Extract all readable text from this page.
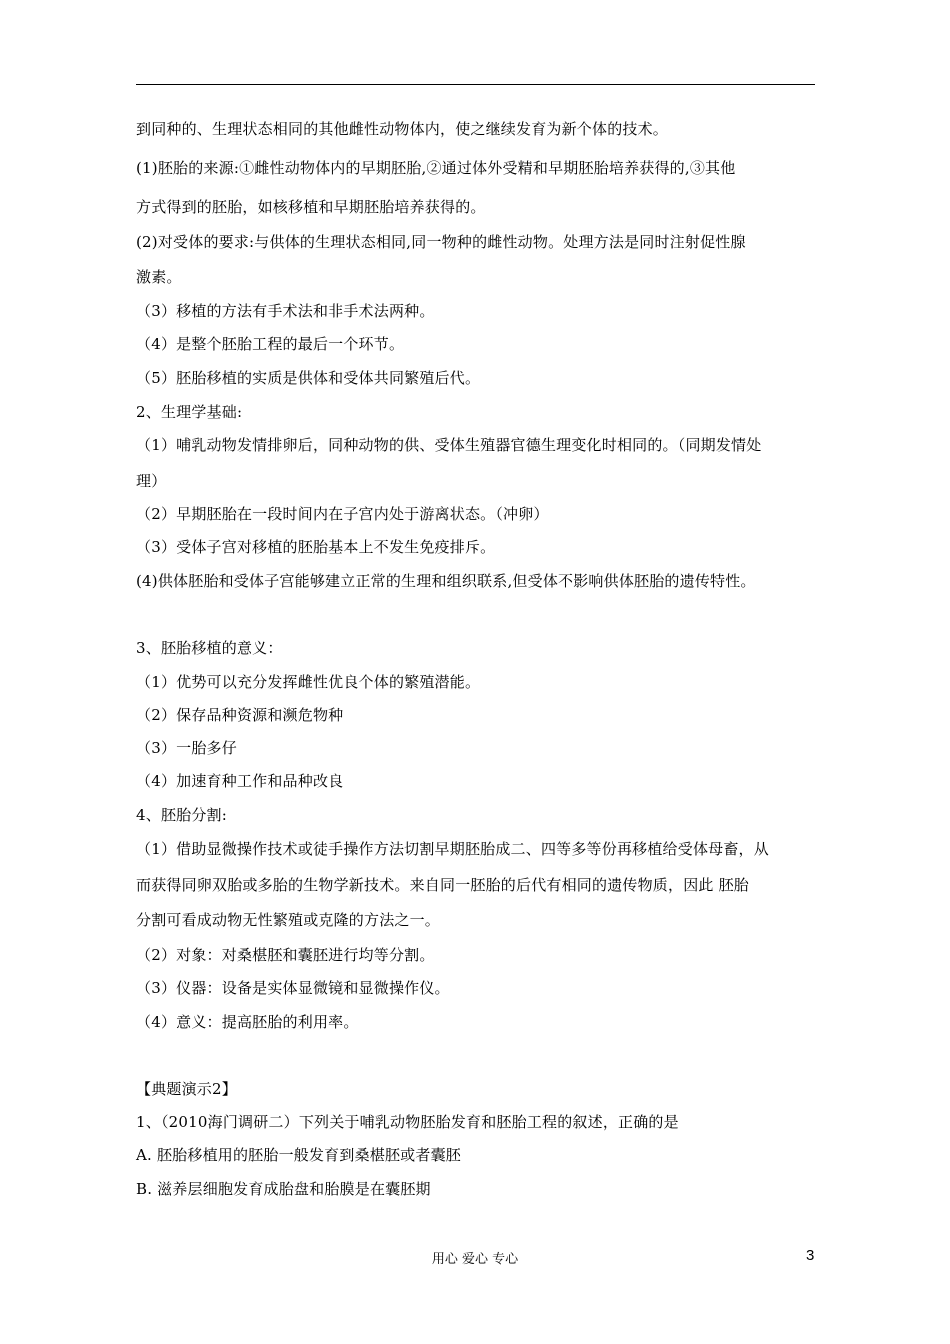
到同种的、生理状态相同的其他雌性动物体内，使之继续发育为新个体的技术。
(1)胚胎的来源:①雌性动物体内的早期胚胎,②通过体外受精和早期胚胎培养获得的,③其他
方式得到的胚胎，如核移植和早期胚胎培养获得的。
(2)对受体的要求:与供体的生理状态相同,同一物种的雌性动物。处理方法是同时注射促性腺
激素。
（3）移植的方法有手术法和非手术法两种。
（4）是整个胚胎工程的最后一个环节。
（5）胚胎移植的实质是供体和受体共同繁殖后代。
2、生理学基础:
（1）哺乳动物发情排卵后，同种动物的供、受体生殖器官德生理变化时相同的。（同期发情处
理）
（2）早期胚胎在一段时间内在子宫内处于游离状态。（冲卵）
（3）受体子宫对移植的胚胎基本上不发生免疫排斥。
(4)供体胚胎和受体子宫能够建立正常的生理和组织联系,但受体不影响供体胚胎的遗传特性。
3、胚胎移植的意义：
（1）优势可以充分发挥雌性优良个体的繁殖潜能。
（2）保存品种资源和濒危物种
（3）一胎多仔
（4）加速育种工作和品种改良
4、胚胎分割:
（1）借助显微操作技术或徒手操作方法切割早期胚胎成二、四等多等份再移植给受体母畜，从
而获得同卵双胎或多胎的生物学新技术。来自同一胚胎的后代有相同的遗传物质，因此 胚胎
分割可看成动物无性繁殖或克隆的方法之一。
（2）对象：对桑椹胚和囊胚进行均等分割。
（3）仪器：设备是实体显微镜和显微操作仪。
（4）意义：提高胚胎的利用率。
【典题演示2】
1、（2010海门调研二）下列关于哺乳动物胚胎发育和胚胎工程的叙述，正确的是
A. 胚胎移植用的胚胎一般发育到桑椹胚或者囊胚
B. 滋养层细胞发育成胎盘和胎膜是在囊胚期
用心 爱心 专心	3
